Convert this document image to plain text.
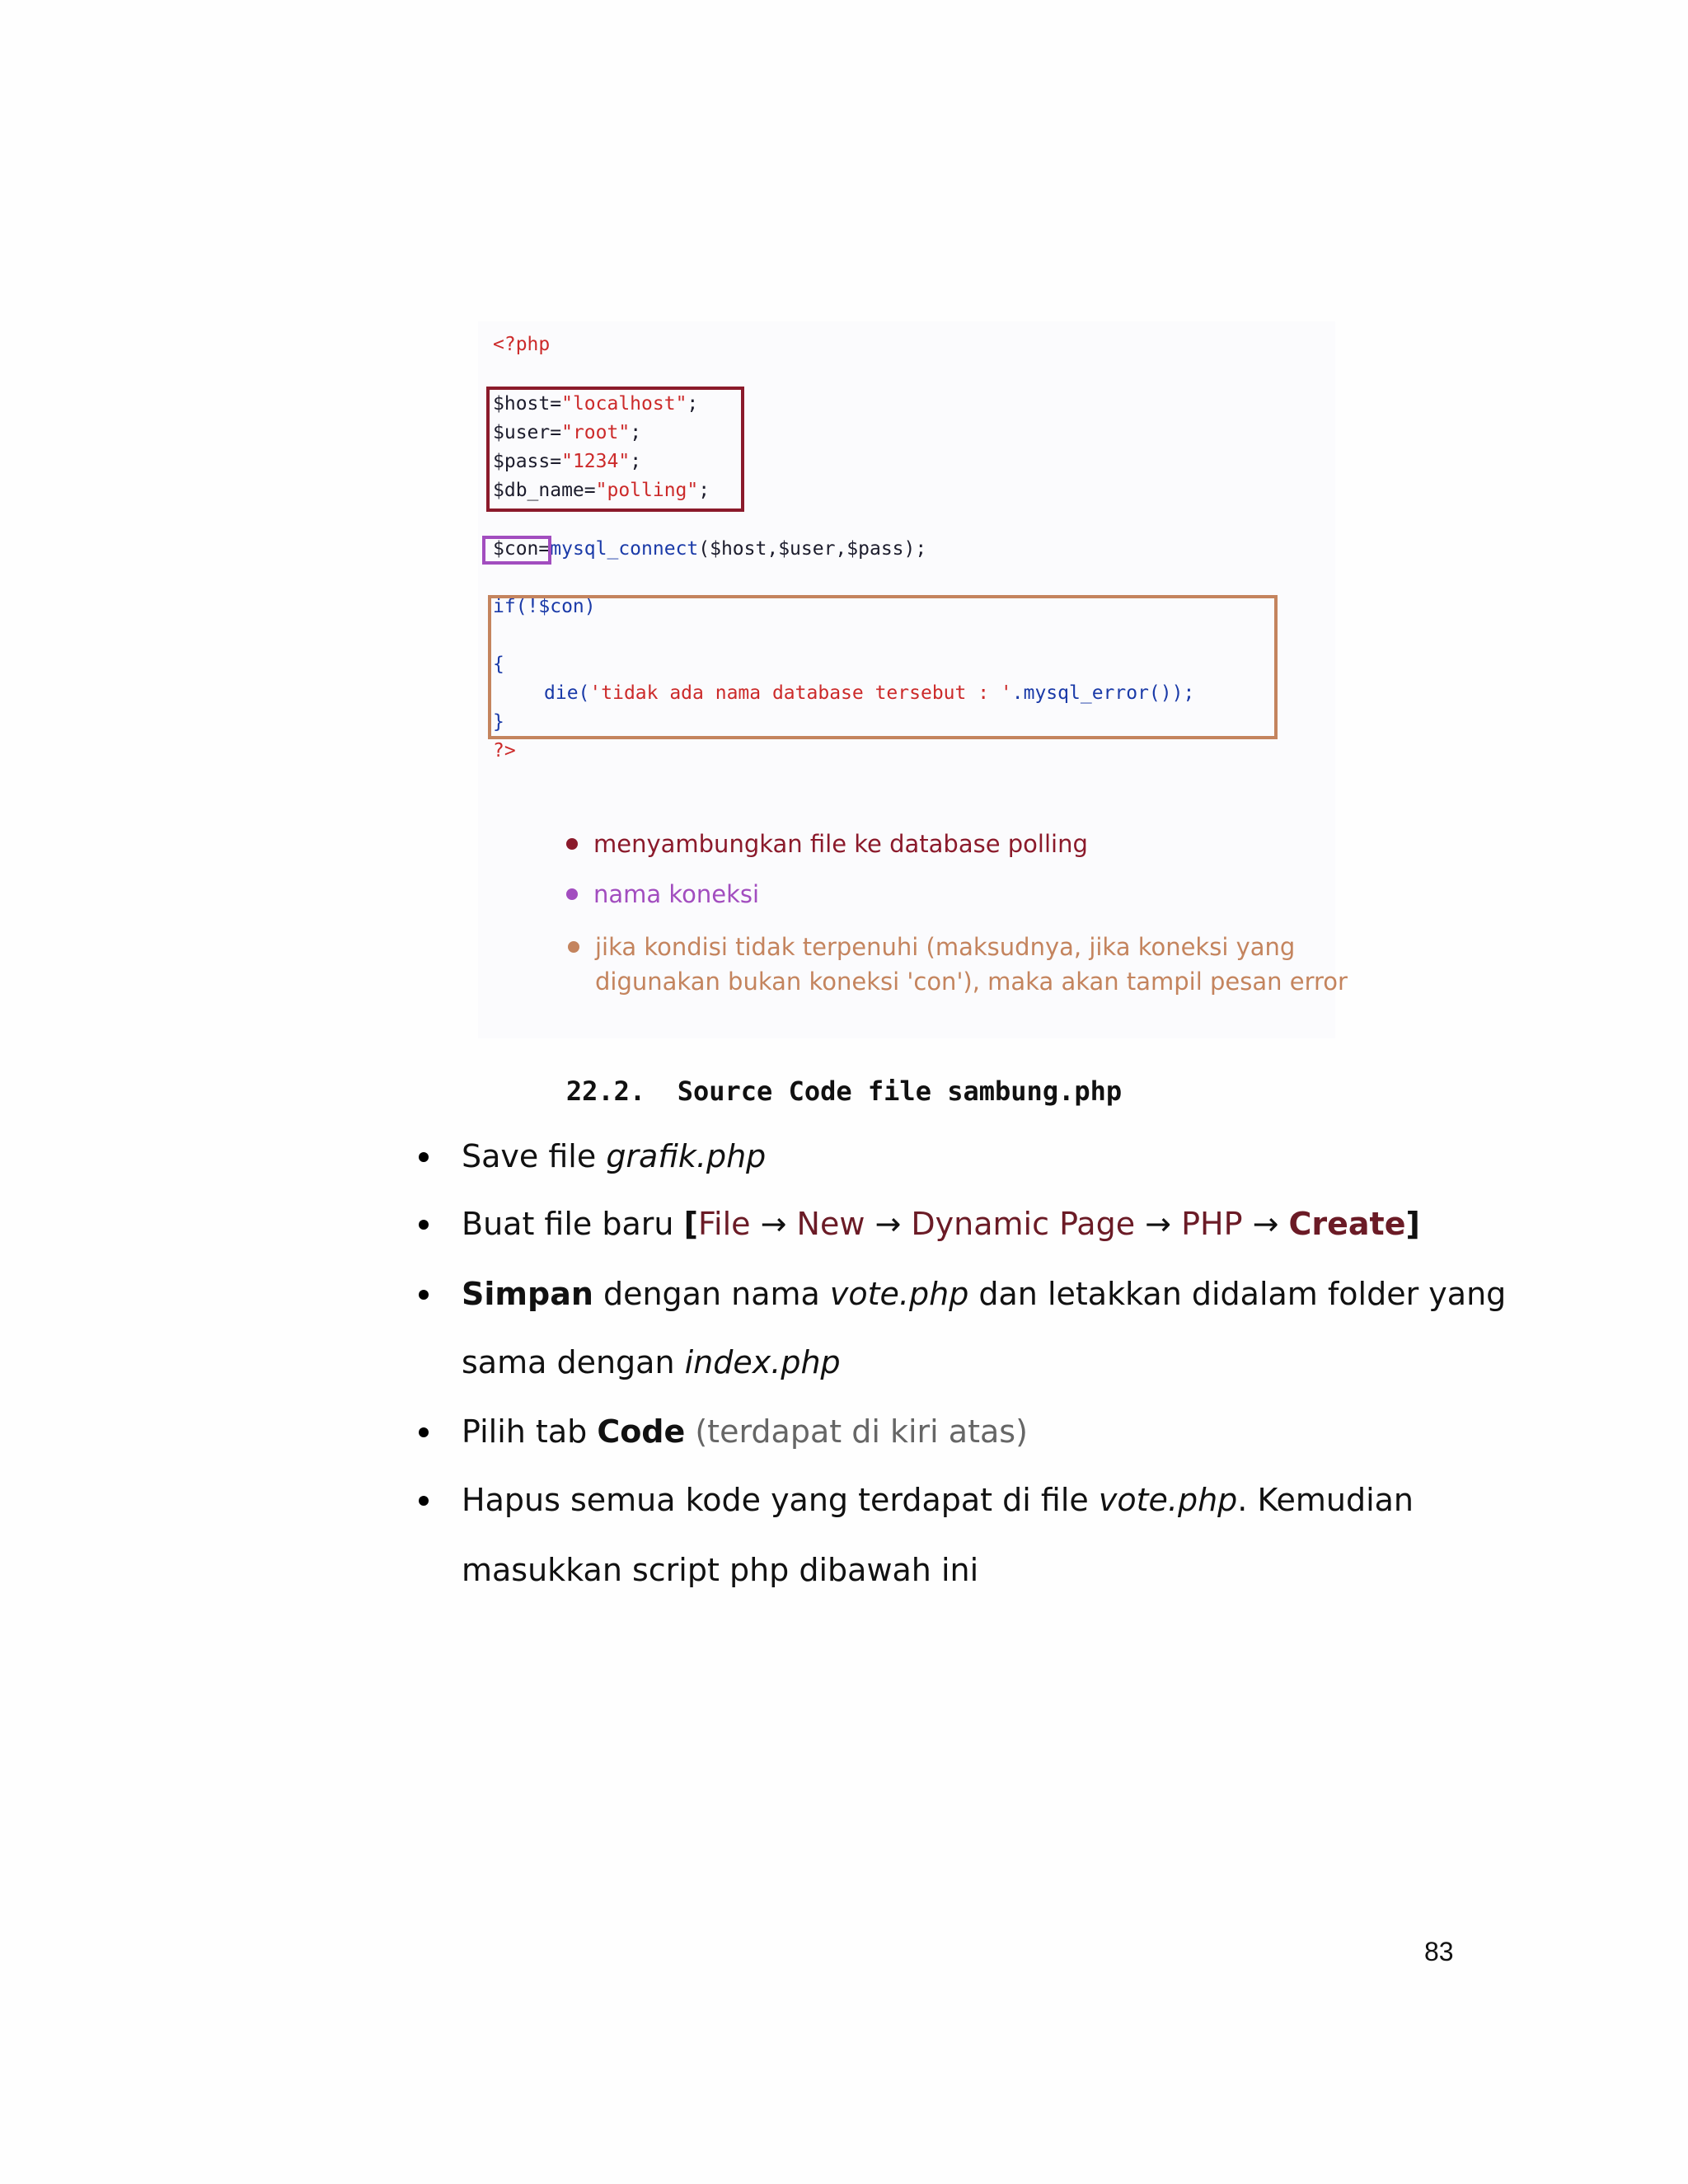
<?php
$host="localhost";
$user="root";
$pass="1234";
$db_name="polling";
$con=mysql_connect($host,$user,$pass);
if(!$con)
{
die('tidak ada nama database tersebut : '.mysql_error());
}
?>
menyambungkan file ke database polling
nama koneksi
jika kondisi tidak terpenuhi (maksudnya, jika koneksi yang
digunakan bukan koneksi 'con'), maka akan tampil pesan error
22.2. Source Code file sambung.php
Save file grafik.php
Buat file baru [File → New → Dynamic Page → PHP → Create]
Simpan dengan nama vote.php dan letakkan didalam folder yang
sama dengan index.php
Pilih tab Code (terdapat di kiri atas)
Hapus semua kode yang terdapat di file vote.php. Kemudian
masukkan script php dibawah ini
83
